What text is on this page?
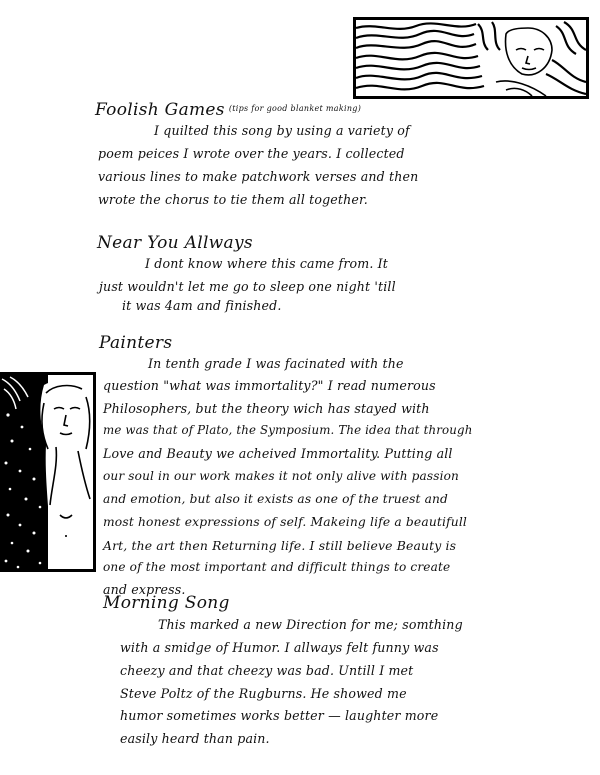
Foolish Games $^{(tips for good blanket making)}$
I quilted this song by using a variety of
poem peices I wrote over the years. I collected
various lines to make patchwork verses and then
wrote the chorus to tie them all together.
Near You Allways
I dont know where this came from. It
just wouldn't let me go to sleep one night 'till
it was 4am and finished.
Painters
In tenth grade I was facinated with the
question "what was immortality?" I read numerous
Philosophers, but the theory wich has stayed with
me was that of Plato, the Symposium. The idea that through
Love and Beauty we acheived Immortality. Putting all
our soul in our work makes it not only alive with passion
and emotion, but also it exists as one of the truest and
most honest expressions of self. Makeing life a beautifull
Art, the art then Returning life. I still believe Beauty is
one of the most important and difficult things to create
and express.
Morning Song
This marked a new Direction for me; somthing
with a smidge of Humor. I allways felt funny was
cheezy and that cheezy was bad. Untill I met
Steve Poltz of the Rugburns. He showed me
humor sometimes works better — laughter more
easily heard than pain.
